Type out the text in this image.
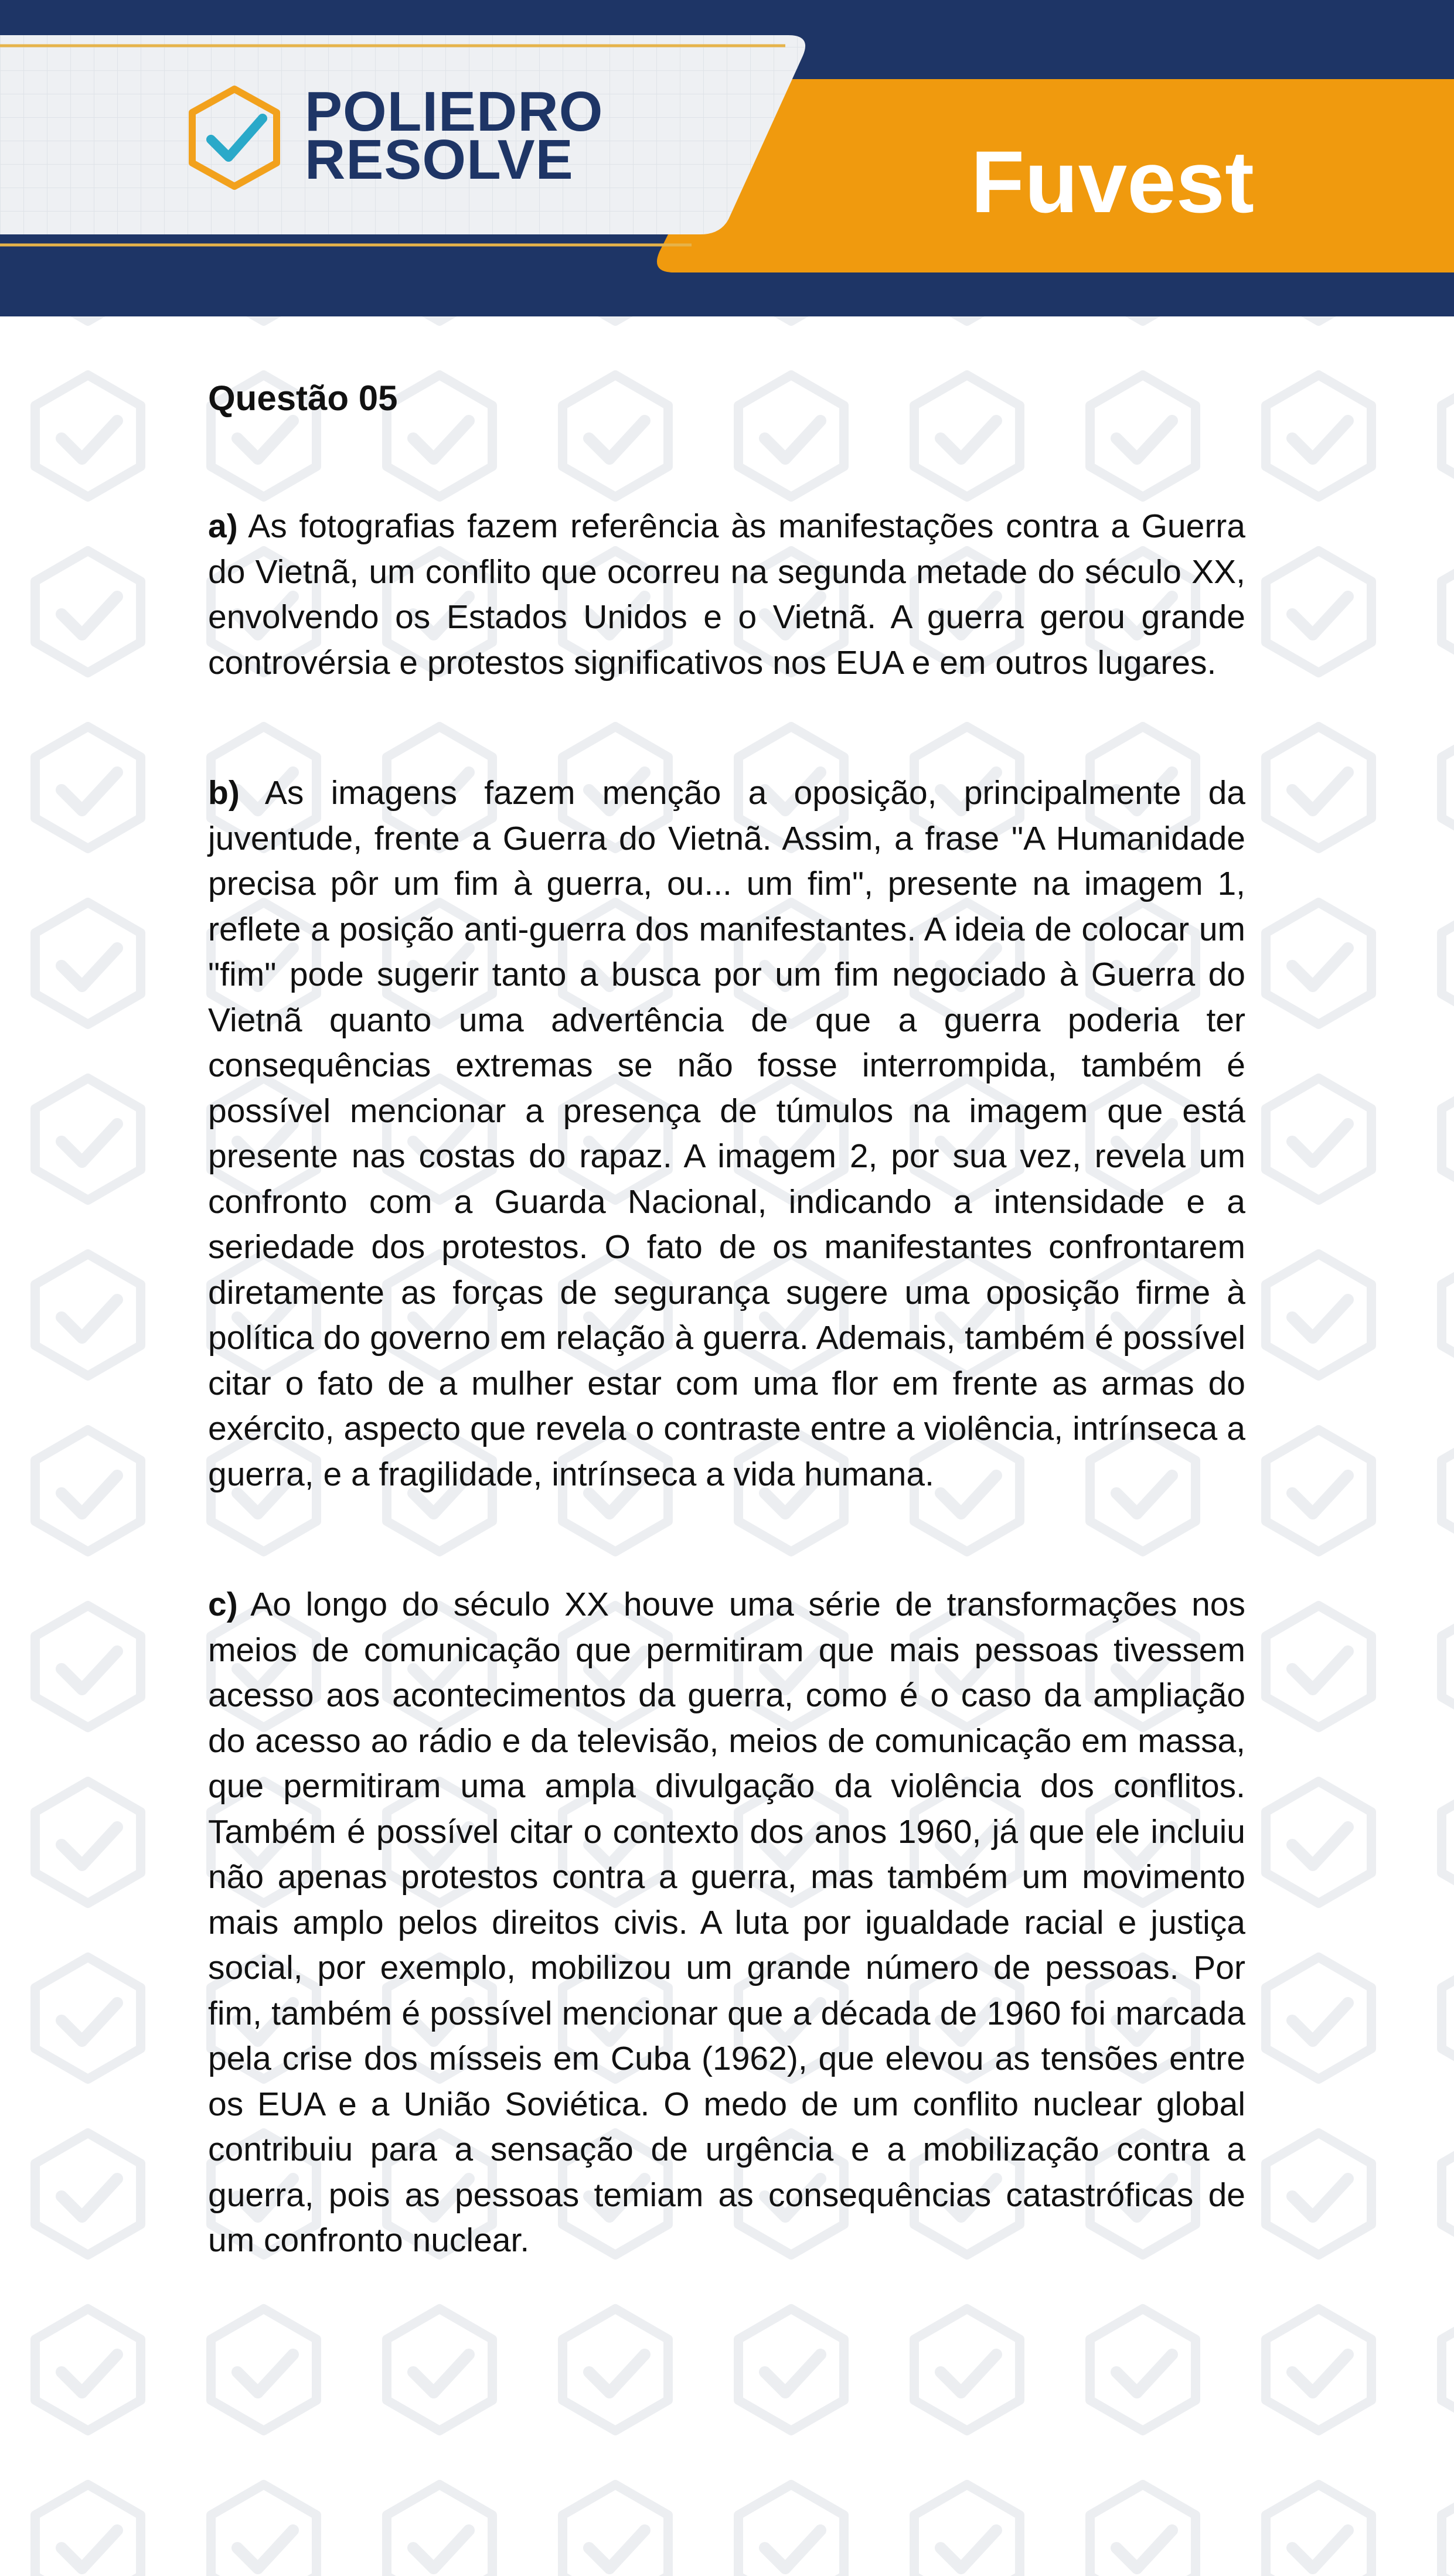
POLIEDRO
RESOLVE	Fuvest
Questão 05

a) As fotografias fazem referência às manifestações contra a Guerra do Vietnã, um conflito que ocorreu na segunda metade do século XX, envolvendo os Estados Unidos e o Vietnã. A guerra gerou grande controvérsia e protestos significativos nos EUA e em outros lugares.

b) As imagens fazem menção a oposição, principalmente da juventude, frente a Guerra do Vietnã. Assim, a frase "A Humanidade precisa pôr um fim à guerra, ou... um fim", presente na imagem 1, reflete a posição anti-guerra dos manifestantes. A ideia de colocar um "fim" pode sugerir tanto a busca por um fim negociado à Guerra do Vietnã quanto uma advertência de que a guerra poderia ter consequências extremas se não fosse interrompida, também é possível mencionar a presença de túmulos na imagem que está presente nas costas do rapaz. A imagem 2, por sua vez, revela um confronto com a Guarda Nacional, indicando a intensidade e a seriedade dos protestos. O fato de os manifestantes confrontarem diretamente as forças de segurança sugere uma oposição firme à política do governo em relação à guerra. Ademais, também é possível citar o fato de a mulher estar com uma flor em frente as armas do exército, aspecto que revela o contraste entre a violência, intrínseca a guerra, e a fragilidade, intrínseca a vida humana.

c) Ao longo do século XX houve uma série de transformações nos meios de comunicação que permitiram que mais pessoas tivessem acesso aos acontecimentos da guerra, como é o caso da ampliação do acesso ao rádio e da televisão, meios de comunicação em massa, que permitiram uma ampla divulgação da violência dos conflitos. Também é possível citar o contexto dos anos 1960, já que ele incluiu não apenas protestos contra a guerra, mas também um movimento mais amplo pelos direitos civis. A luta por igualdade racial e justiça social, por exemplo, mobilizou um grande número de pessoas. Por fim, também é possível mencionar que a década de 1960 foi marcada pela crise dos mísseis em Cuba (1962), que elevou as tensões entre os EUA e a União Soviética. O medo de um conflito nuclear global contribuiu para a sensação de urgência e a mobilização contra a guerra, pois as pessoas temiam as consequências catastróficas de um confronto nuclear.
